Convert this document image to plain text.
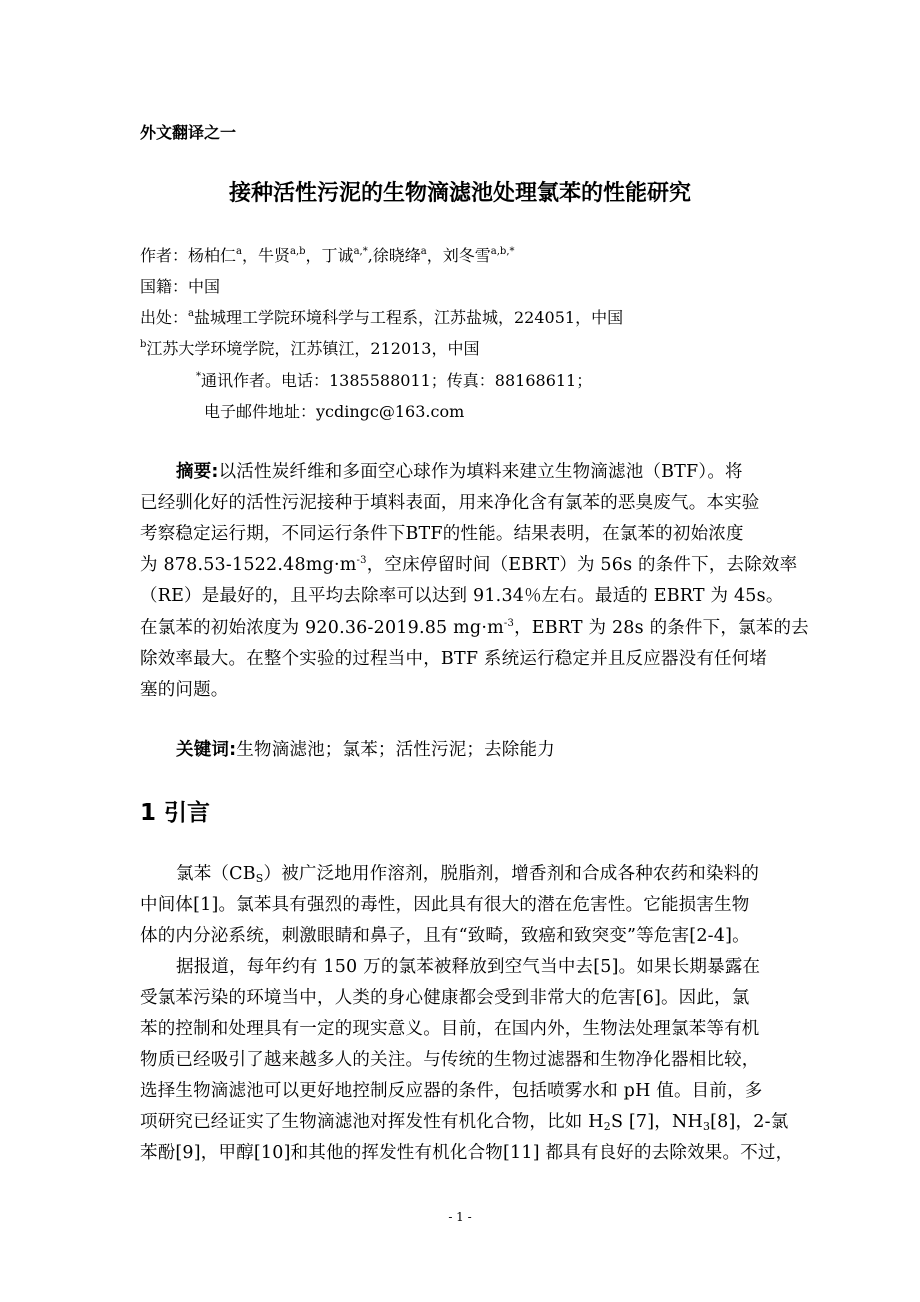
外文翻译之一
接种活性污泥的生物滴滤池处理氯苯的性能研究
作者：杨柏仁$^a$，牛贤$^{a,b}$，丁诚$^{a,*}$,徐晓绛$^a$，刘冬雪$^{a,b,*}$
国籍：中国
出处：$^a$盐城理工学院环境科学与工程系，江苏盐城，224051，中国
$^b$江苏大学环境学院，江苏镇江，212013，中国
*通讯作者。电话：1385588011；传真：88168611；
电子邮件地址：ycdingc@163.com
摘要:以活性炭纤维和多面空心球作为填料来建立生物滴滤池（BTF）。将
已经驯化好的活性污泥接种于填料表面，用来净化含有氯苯的恶臭废气。本实验
考察稳定运行期，不同运行条件下BTF的性能。结果表明，在氯苯的初始浓度
为 $878.53-1522.48mg\cdot m^{-3}$，空床停留时间（EBRT）为 56s 的条件下，去除效率
（RE）是最好的，且平均去除率可以达到 91.34％左右。最适的 EBRT 为 45s。
在氯苯的初始浓度为 920.36-2019.85 $mg\cdot m^{-3}$，EBRT 为 28s 的条件下，氯苯的去
除效率最大。在整个实验的过程当中，BTF 系统运行稳定并且反应器没有任何堵
塞的问题。
关键词:生物滴滤池；氯苯；活性污泥；去除能力
1 引言
氯苯$(CB_S)$被广泛地用作溶剂，脱脂剂，增香剂和合成各种农药和染料的
中间体[1]。氯苯具有强烈的毒性，因此具有很大的潜在危害性。它能损害生物
体的内分泌系统，刺激眼睛和鼻子，且有“致畸，致癌和致突变”等危害[2-4]。
据报道，每年约有 150 万的氯苯被释放到空气当中去[5]。如果长期暴露在
受氯苯污染的环境当中，人类的身心健康都会受到非常大的危害[6]。因此，氯
苯的控制和处理具有一定的现实意义。目前，在国内外，生物法处理氯苯等有机
物质已经吸引了越来越多人的关注。与传统的生物过滤器和生物净化器相比较，
选择生物滴滤池可以更好地控制反应器的条件，包括喷雾水和 pH 值。目前，多
项研究已经证实了生物滴滤池对挥发性有机化合物，比如 $H_2S$ [7]，$NH_3[8]$，2-氯
苯酚[9]，甲醇[10]和其他的挥发性有机化合物[11] 都具有良好的去除效果。不过，
- 1 -
